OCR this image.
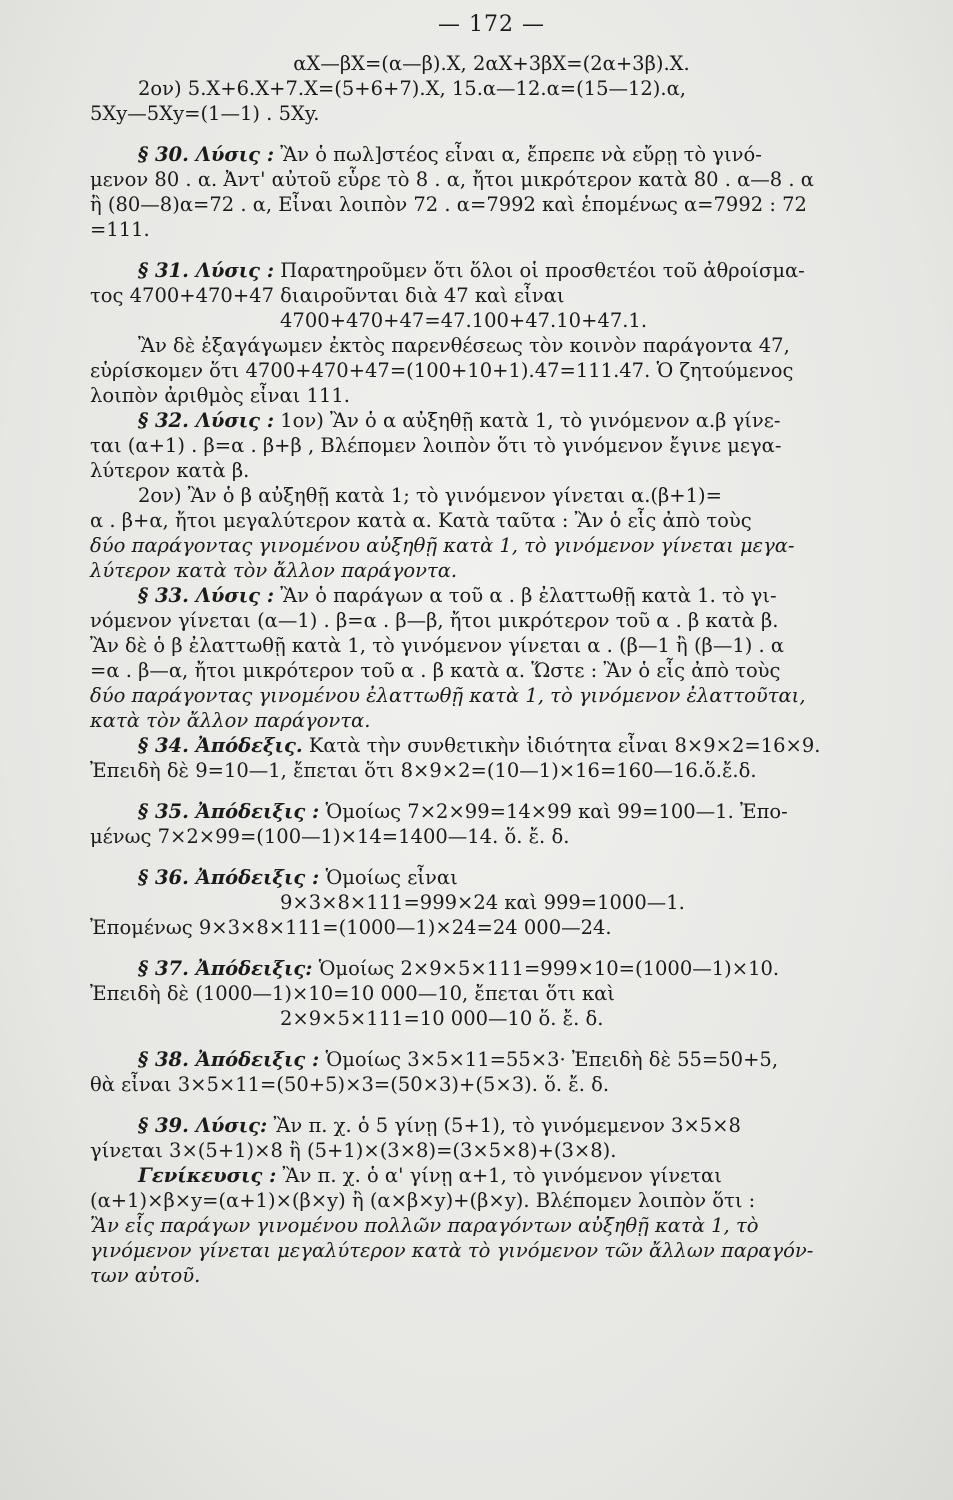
— 172 —

αΧ—βΧ=(α—β).Χ, 2αΧ+3βΧ=(2α+3β).Χ.

2ον) 5.Χ+6.Χ+7.Χ=(5+6+7).Χ, 15.α—12.α=(15—12).α,

5Χy—5Χy=(1—1) . 5Χy.

§ 30. Λύσις : Ἂν ὁ πωλ]στέος εἶναι α, ἔπρεπε νὰ εὔρῃ τὸ γινό-

μενον 80 . α. Ἀντ' αὐτοῦ εὗρε τὸ 8 . α, ἤτοι μικρότερον κατὰ 80 . α—8 . α

ἢ (80—8)α=72 . α, Εἶναι λοιπὸν 72 . α=7992 καὶ ἑπομένως α=7992 : 72

=111.

§ 31. Λύσις : Παρατηροῦμεν ὅτι ὅλοι οἱ προσθετέοι τοῦ ἀθροίσμα-

τος 4700+470+47 διαιροῦνται διὰ 47 καὶ εἶναι

4700+470+47=47.100+47.10+47.1.

Ἂν δὲ ἐξαγάγωμεν ἐκτὸς παρενθέσεως τὸν κοινὸν παράγοντα 47,

εὑρίσκομεν ὅτι 4700+470+47=(100+10+1).47=111.47. Ὁ ζητούμενος

λοιπὸν ἀριθμὸς εἶναι 111.

§ 32. Λύσις : 1ον) Ἂν ὁ α αὐξηθῇ κατὰ 1, τὸ γινόμενον α.β γίνε-

ται (α+1) . β=α . β+β , Βλέπομεν λοιπὸν ὅτι τὸ γινόμενον ἔγινε μεγα-

λύτερον κατὰ β.

2ον) Ἂν ὁ β αὐξηθῇ κατὰ 1; τὸ γινόμενον γίνεται α.(β+1)=

α . β+α, ἤτοι μεγαλύτερον κατὰ α. Κατὰ ταῦτα : Ἂν ὁ εἷς ἀπὸ τοὺς

δύο παράγοντας γινομένου αὐξηθῇ κατὰ 1, τὸ γινόμενον γίνεται μεγα-

λύτερον κατὰ τὸν ἄλλον παράγοντα.

§ 33. Λύσις : Ἂν ὁ παράγων α τοῦ α . β ἐλαττωθῇ κατὰ 1. τὸ γι-

νόμενον γίνεται (α—1) . β=α . β—β, ἤτοι μικρότερον τοῦ α . β κατὰ β.

Ἂν δὲ ὁ β ἐλαττωθῇ κατὰ 1, τὸ γινόμενον γίνεται α . (β—1 ἢ (β—1) . α

=α . β—α, ἤτοι μικρότερον τοῦ α . β κατὰ α. Ὥστε : Ἂν ὁ εἷς ἀπὸ τοὺς

δύο παράγοντας γινομένου ἐλαττωθῇ κατὰ 1, τὸ γινόμενον ἐλαττοῦται,

κατὰ τὸν ἄλλον παράγοντα.

§ 34. Ἀπόδεξις. Κατὰ τὴν συνθετικὴν ἰδιότητα εἶναι 8×9×2=16×9.

Ἐπειδὴ δὲ 9=10—1, ἔπεται ὅτι 8×9×2=(10—1)×16=160—16.ὅ.ἔ.δ.

§ 35. Ἀπόδειξις : Ὁμοίως 7×2×99=14×99 καὶ 99=100—1. Ἐπο-

μένως 7×2×99=(100—1)×14=1400—14. ὅ. ἔ. δ.

§ 36. Ἀπόδειξις : Ὁμοίως εἶναι

9×3×8×111=999×24 καὶ 999=1000—1.

Ἐπομένως 9×3×8×111=(1000—1)×24=24 000—24.

§ 37. Ἀπόδειξις: Ὁμοίως 2×9×5×111=999×10=(1000—1)×10.

Ἐπειδὴ δὲ (1000—1)×10=10 000—10, ἔπεται ὅτι καὶ

2×9×5×111=10 000—10 ὅ. ἔ. δ.

§ 38. Ἀπόδειξις : Ὁμοίως 3×5×11=55×3· Ἐπειδὴ δὲ 55=50+5,

θὰ εἶναι 3×5×11=(50+5)×3=(50×3)+(5×3). ὅ. ἔ. δ.

§ 39. Λύσις: Ἂν π. χ. ὁ 5 γίνῃ (5+1), τὸ γινόμεμενον 3×5×8

γίνεται 3×(5+1)×8 ἢ (5+1)×(3×8)=(3×5×8)+(3×8).

Γενίκευσις : Ἂν π. χ. ὁ α' γίνῃ α+1, τὸ γινόμενον γίνεται

(α+1)×β×y=(α+1)×(β×y) ἢ (α×β×y)+(β×y). Βλέπομεν λοιπὸν ὅτι :

Ἂν εἷς παράγων γινομένου πολλῶν παραγόντων αὐξηθῇ κατὰ 1, τὸ

γινόμενον γίνεται μεγαλύτερον κατὰ τὸ γινόμενον τῶν ἄλλων παραγόν-

των αὐτοῦ.
